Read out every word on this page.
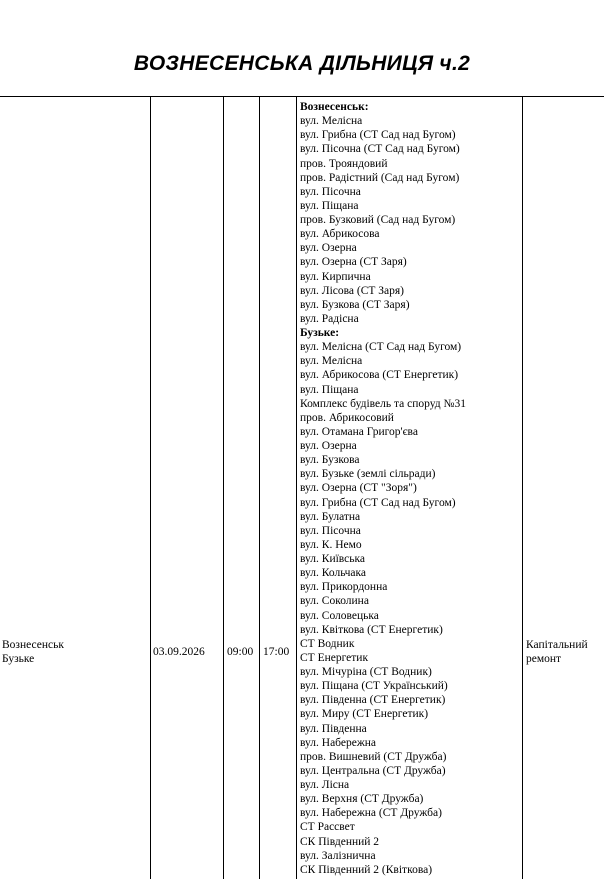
ВОЗНЕСЕНСЬКА ДІЛЬНИЦЯ ч.2
Вознесенськ
Бузьке
03.09.2026 09:00 17:00
Капітальний
ремонт
Вознесенськ:
вул. Мелісна
вул. Грибна (СТ Сад над Бугом)
вул. Пісочна (СТ Сад над Бугом)
пров. Трояндовий
пров. Радістний (Сад над Бугом)
вул. Пісочна
вул. Піщана
пров. Бузковий (Сад над Бугом)
вул. Абрикосова
вул. Озерна
вул. Озерна (СТ Заря)
вул. Кирпична
вул. Лісова (СТ Заря)
вул. Бузкова (СТ Заря)
вул. Радісна
Бузьке:
вул. Мелісна (СТ Сад над Бугом)
вул. Мелісна
вул. Абрикосова (СТ Енергетик)
вул. Піщана
Комплекс будівель та споруд №31
пров. Абрикосовий
вул. Отамана Григор'єва
вул. Озерна
вул. Бузкова
вул. Бузьке (землі сільради)
вул. Озерна (СТ "Зоря")
вул. Грибна (СТ Сад над Бугом)
вул. Булатна
вул. Пісочна
вул. К. Немо
вул. Київська
вул. Кольчака
вул. Прикордонна
вул. Соколина
вул. Соловецька
вул. Квіткова (СТ Енергетик)
СТ Водник
СТ Енергетик
вул. Мічуріна (СТ Водник)
вул. Піщана (СТ Український)
вул. Південна (СТ Енергетик)
вул. Миру (СТ Енергетик)
вул. Південна
вул. Набережна
пров. Вишневий (СТ Дружба)
вул. Центральна (СТ Дружба)
вул. Лісна
вул. Верхня (СТ Дружба)
вул. Набережна (СТ Дружба)
СТ Рассвет
СК Південний 2
вул. Залізнична
СК Південний 2 (Квіткова)
